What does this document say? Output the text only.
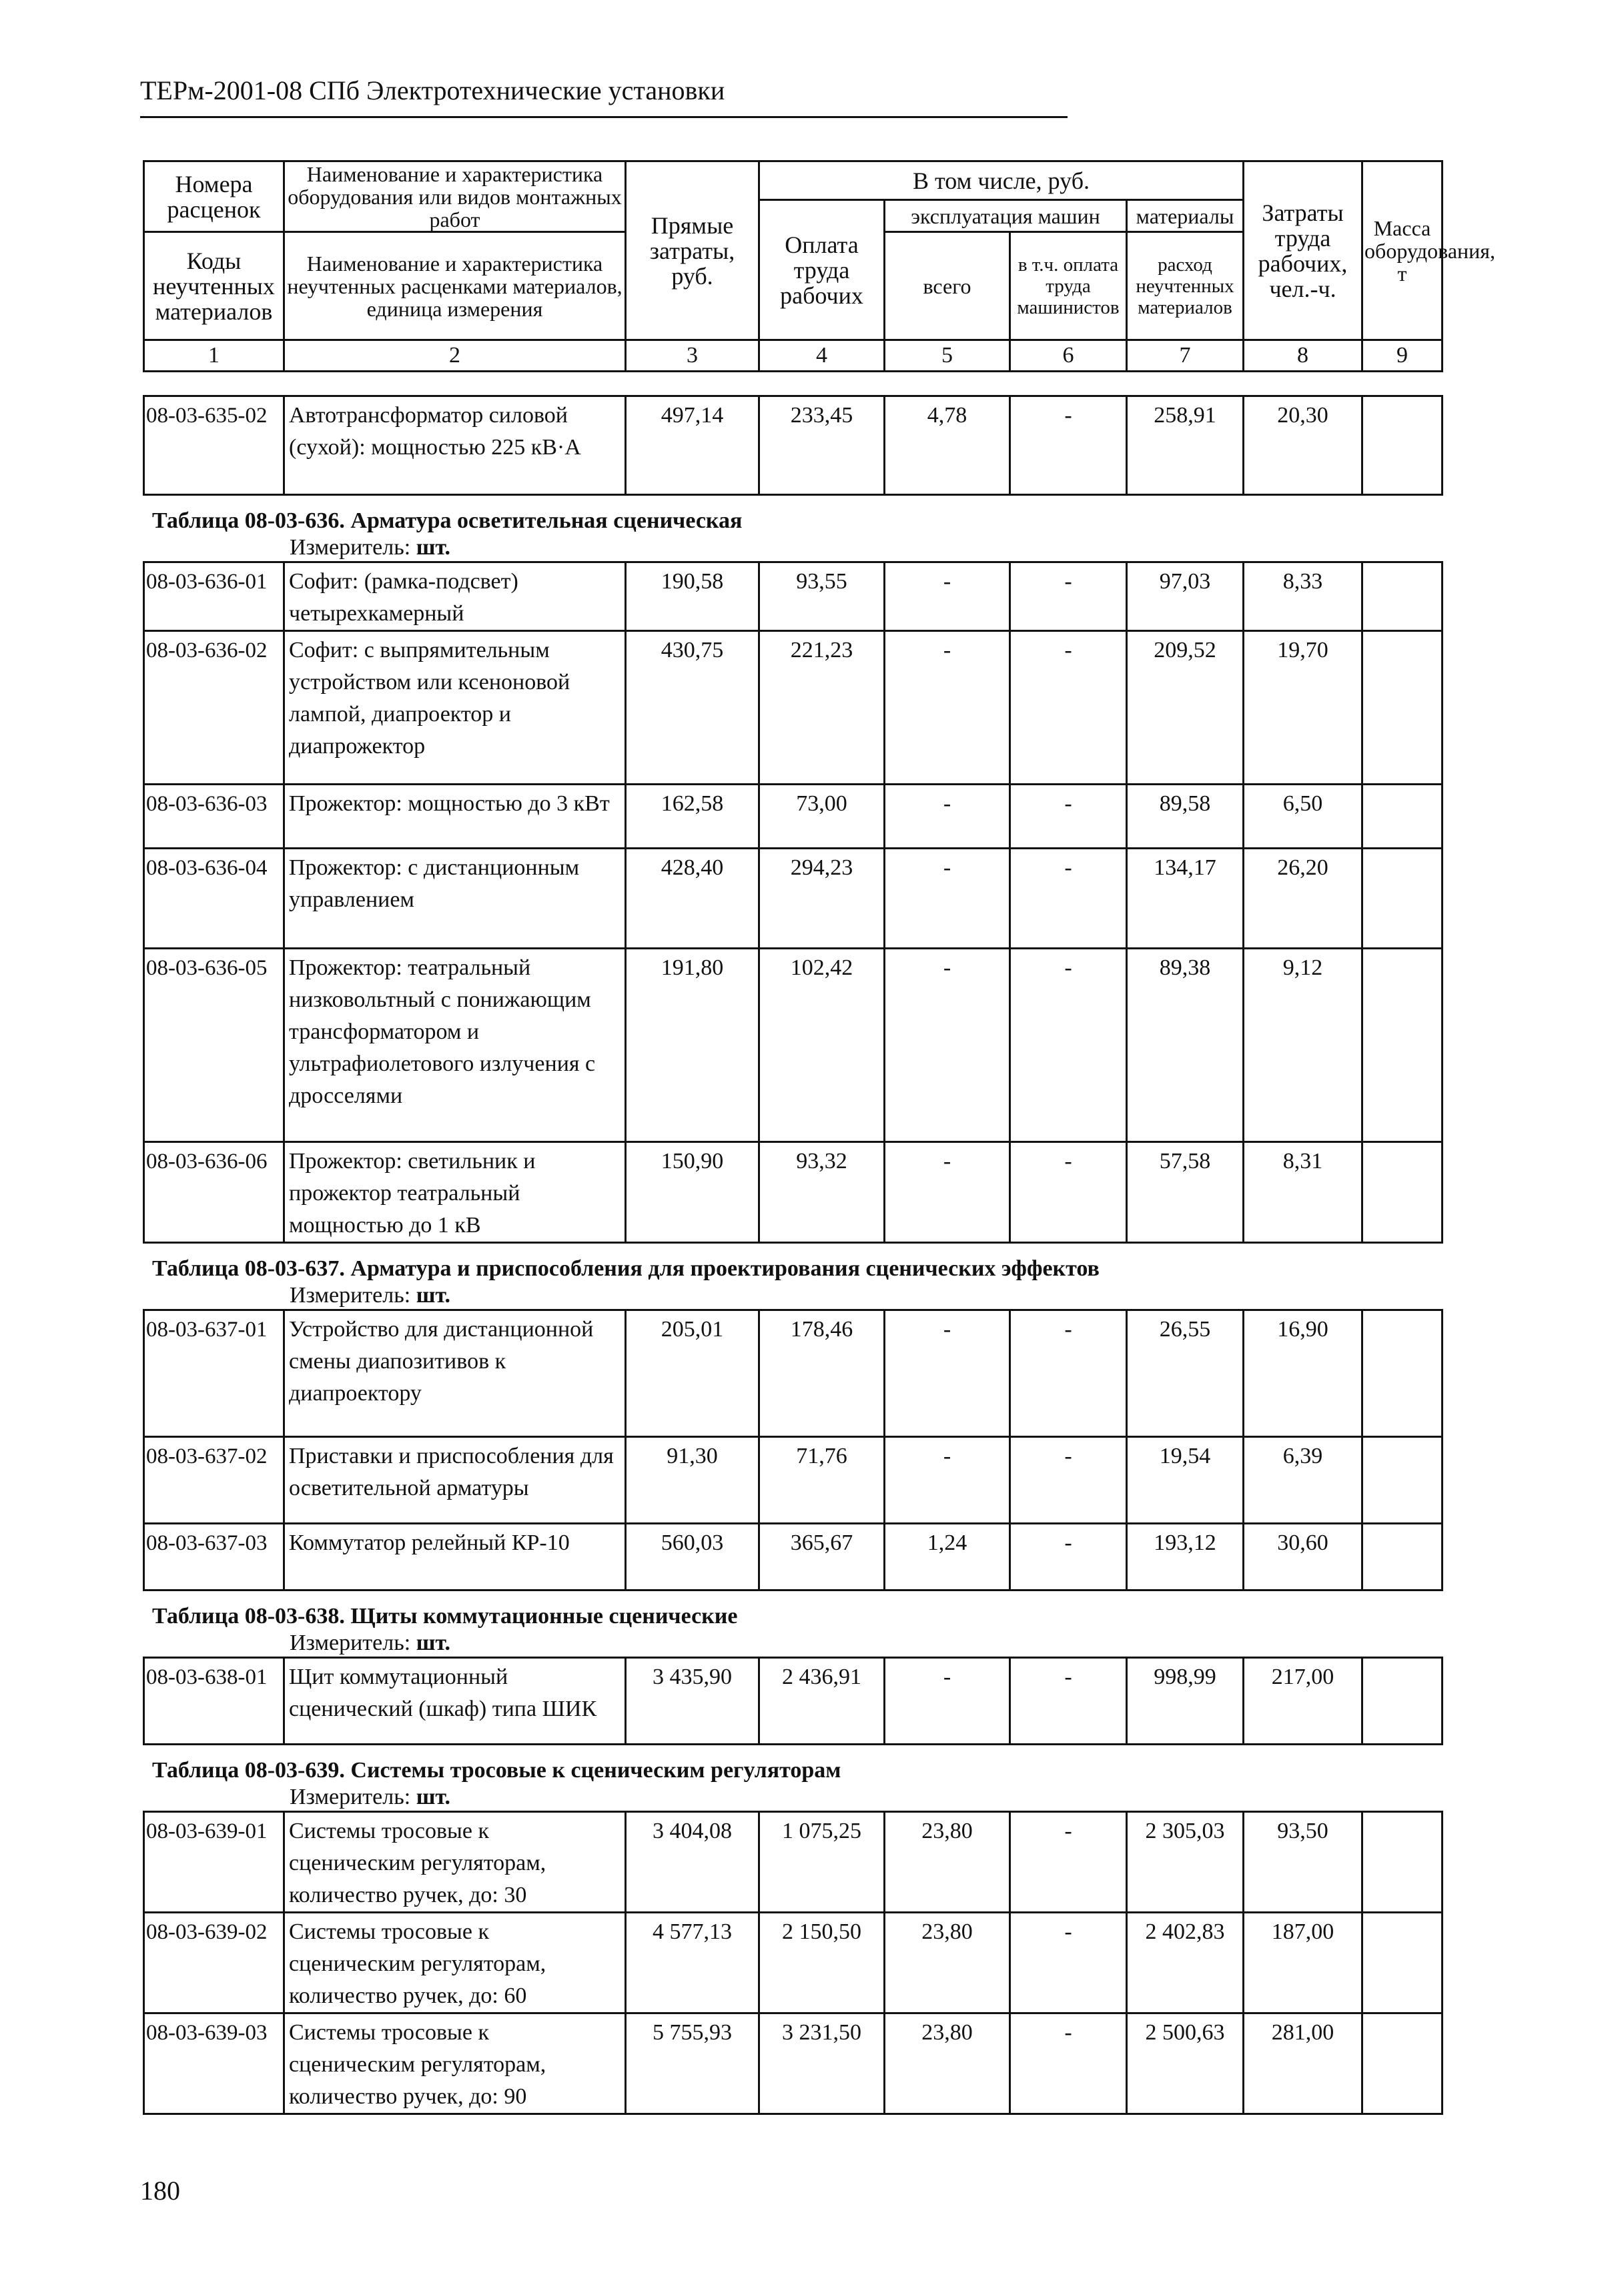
ТЕРм-2001-08 СПб Электротехнические установки
Номера расценок	Наименование и характеристика оборудования или видов монтажных работ	Прямые затраты, руб.	В том числе, руб.				Затраты труда рабочих, чел.-ч.	Масса оборудования, т
			Оплата труда рабочих	эксплуатация машин		материалы		
Коды неучтенных материалов	Наименование и характеристика неучтенных расценками материалов, единица измерения			всего	в т.ч. оплата труда машинистов	расход неучтенных материалов		

1	2	3	4	5	6	7	8	9
08-03-635-02	Автотрансформатор силовой (сухой): мощностью 225 кВ·А	497,14	233,45	4,78	-	258,91	20,30	
Таблица 08-03-636. Арматура осветительная сценическая
Измеритель: шт.
08-03-636-01	Софит: (рамка-подсвет) четырехкамерный	190,58	93,55	-	-	97,03	8,33	
08-03-636-02	Софит: с выпрямительным устройством или ксеноновой лампой, диапроектор и диапрожектор	430,75	221,23	-	-	209,52	19,70	
08-03-636-03	Прожектор: мощностью до 3 кВт	162,58	73,00	-	-	89,58	6,50	
08-03-636-04	Прожектор: с дистанционным управлением	428,40	294,23	-	-	134,17	26,20	
08-03-636-05	Прожектор: театральный низковольтный с понижающим трансформатором и ультрафиолетового излучения с дросселями	191,80	102,42	-	-	89,38	9,12	
08-03-636-06	Прожектор: светильник и прожектор театральный мощностью до 1 кВ	150,90	93,32	-	-	57,58	8,31	
Таблица 08-03-637. Арматура и приспособления для проектирования сценических эффектов
Измеритель: шт.
08-03-637-01	Устройство для дистанционной смены диапозитивов к диапроектору	205,01	178,46	-	-	26,55	16,90	
08-03-637-02	Приставки и приспособления для осветительной арматуры	91,30	71,76	-	-	19,54	6,39	
08-03-637-03	Коммутатор релейный КР-10	560,03	365,67	1,24	-	193,12	30,60	
Таблица 08-03-638. Щиты коммутационные сценические
Измеритель: шт.
08-03-638-01	Щит коммутационный сценический (шкаф) типа ШИК	3 435,90	2 436,91	-	-	998,99	217,00	
Таблица 08-03-639. Системы тросовые к сценическим регуляторам
Измеритель: шт.
08-03-639-01	Системы тросовые к сценическим регуляторам, количество ручек, до: 30	3 404,08	1 075,25	23,80	-	2 305,03	93,50	
08-03-639-02	Системы тросовые к сценическим регуляторам, количество ручек, до: 60	4 577,13	2 150,50	23,80	-	2 402,83	187,00	
08-03-639-03	Системы тросовые к сценическим регуляторам, количество ручек, до: 90	5 755,93	3 231,50	23,80	-	2 500,63	281,00	
180
